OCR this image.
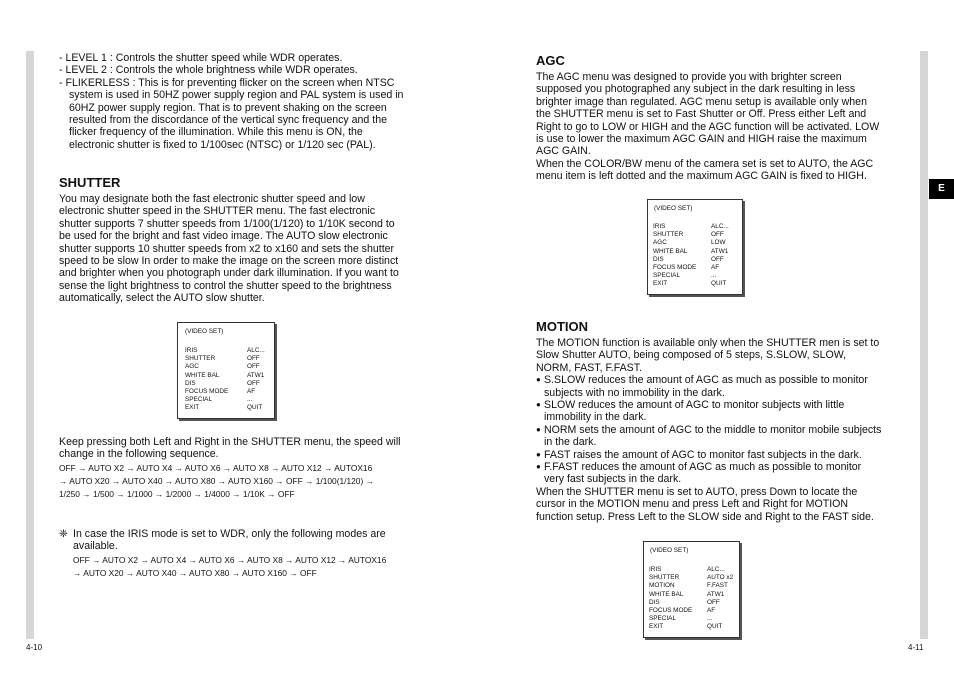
E
- LEVEL 1 : Controls the shutter speed while WDR operates.
- LEVEL 2 : Controls the whole brightness while WDR operates.
- FLIKERLESS : This is for preventing flicker on the screen when NTSC
system is used in 50HZ power supply region and PAL system is used in
60HZ power supply region. That is to prevent shaking on the screen
resulted from the discordance of the vertical sync frequency and the
flicker frequency of the illumination. While this menu is ON, the
electronic shutter is fixed to 1/100sec (NTSC) or 1/120 sec (PAL).
SHUTTER
You may designate both the fast electronic shutter speed and low
electronic shutter speed in the SHUTTER menu. The fast electronic
shutter supports 7 shutter speeds from 1/100(1/120) to 1/10K second to
be used for the bright and fast video image. The AUTO slow electronic
shutter supports 10 shutter speeds from x2 to x160 and sets the shutter
speed to be slow In order to make the image on the screen more distinct
and brighter when you photograph under dark illumination. If you want to
sense the light brightness to control the shutter speed to the brightness
automatically, select the AUTO slow shutter.
(VIDEO SET)
IRIS	ALC...
SHUTTER	OFF
AGC	OFF
WHITE BAL	ATW1
DIS	OFF
FOCUS MODE	AF
SPECIAL	...
EXIT	QUIT
Keep pressing both Left and Right in the SHUTTER menu, the speed will
change in the following sequence.
OFF → AUTO X2 → AUTO X4 → AUTO X6 → AUTO X8 → AUTO X12 → AUTOX16
→ AUTO X20 → AUTO X40 → AUTO X80 → AUTO X160 → OFF → 1/100(1/120) →
1/250 → 1/500 → 1/1000 → 1/2000 → 1/4000 → 1/10K → OFF
❈ In case the IRIS mode is set to WDR, only the following modes are
available.
OFF → AUTO X2 → AUTO X4 → AUTO X6 → AUTO X8 → AUTO X12 → AUTOX16
→ AUTO X20 → AUTO X40 → AUTO X80 → AUTO X160 → OFF
4-10
AGC
The AGC menu was designed to provide you with brighter screen
supposed you photographed any subject in the dark resulting in less
brighter image than regulated. AGC menu setup is available only when
the SHUTTER menu is set to Fast Shutter or Off. Press either Left and
Right to go to LOW or HIGH and the AGC function will be activated. LOW
is use to lower the maximum AGC GAIN and HIGH raise the maximum
AGC GAIN.
When the COLOR/BW menu of the camera set is set to AUTO, the AGC
menu item is left dotted and the maximum AGC GAIN is fixed to HIGH.
(VIDEO SET)
IRIS	ALC...
SHUTTER	OFF
AGC	LOW
WHITE BAL	ATW1
DIS	OFF
FOCUS MODE AF
SPECIAL	...
EXIT	QUIT
MOTION
The MOTION function is available only when the SHUTTER men is set to
Slow Shutter AUTO, being composed of 5 steps, S.SLOW, SLOW,
NORM, FAST, F.FAST.
● S.SLOW reduces the amount of AGC as much as possible to monitor
subjects with no immobility in the dark.
● SLOW reduces the amount of AGC to monitor subjects with little
immobility in the dark.
● NORM sets the amount of AGC to the middle to monitor mobile subjects
in the dark.
● FAST raises the amount of AGC to monitor fast subjects in the dark.
● F.FAST reduces the amount of AGC as much as possible to monitor
very fast subjects in the dark.
When the SHUTTER menu is set to AUTO, press Down to locate the
cursor in the MOTION menu and press Left and Right for MOTION
function setup. Press Left to the SLOW side and Right to the FAST side.
(VIDEO SET)
IRIS	ALC...
SHUTTER	AUTO x2
MOTION	F.FAST
WHITE BAL	ATW1
DIS	OFF
FOCUS MODE AF
SPECIAL	...
EXIT	QUIT
4-11
